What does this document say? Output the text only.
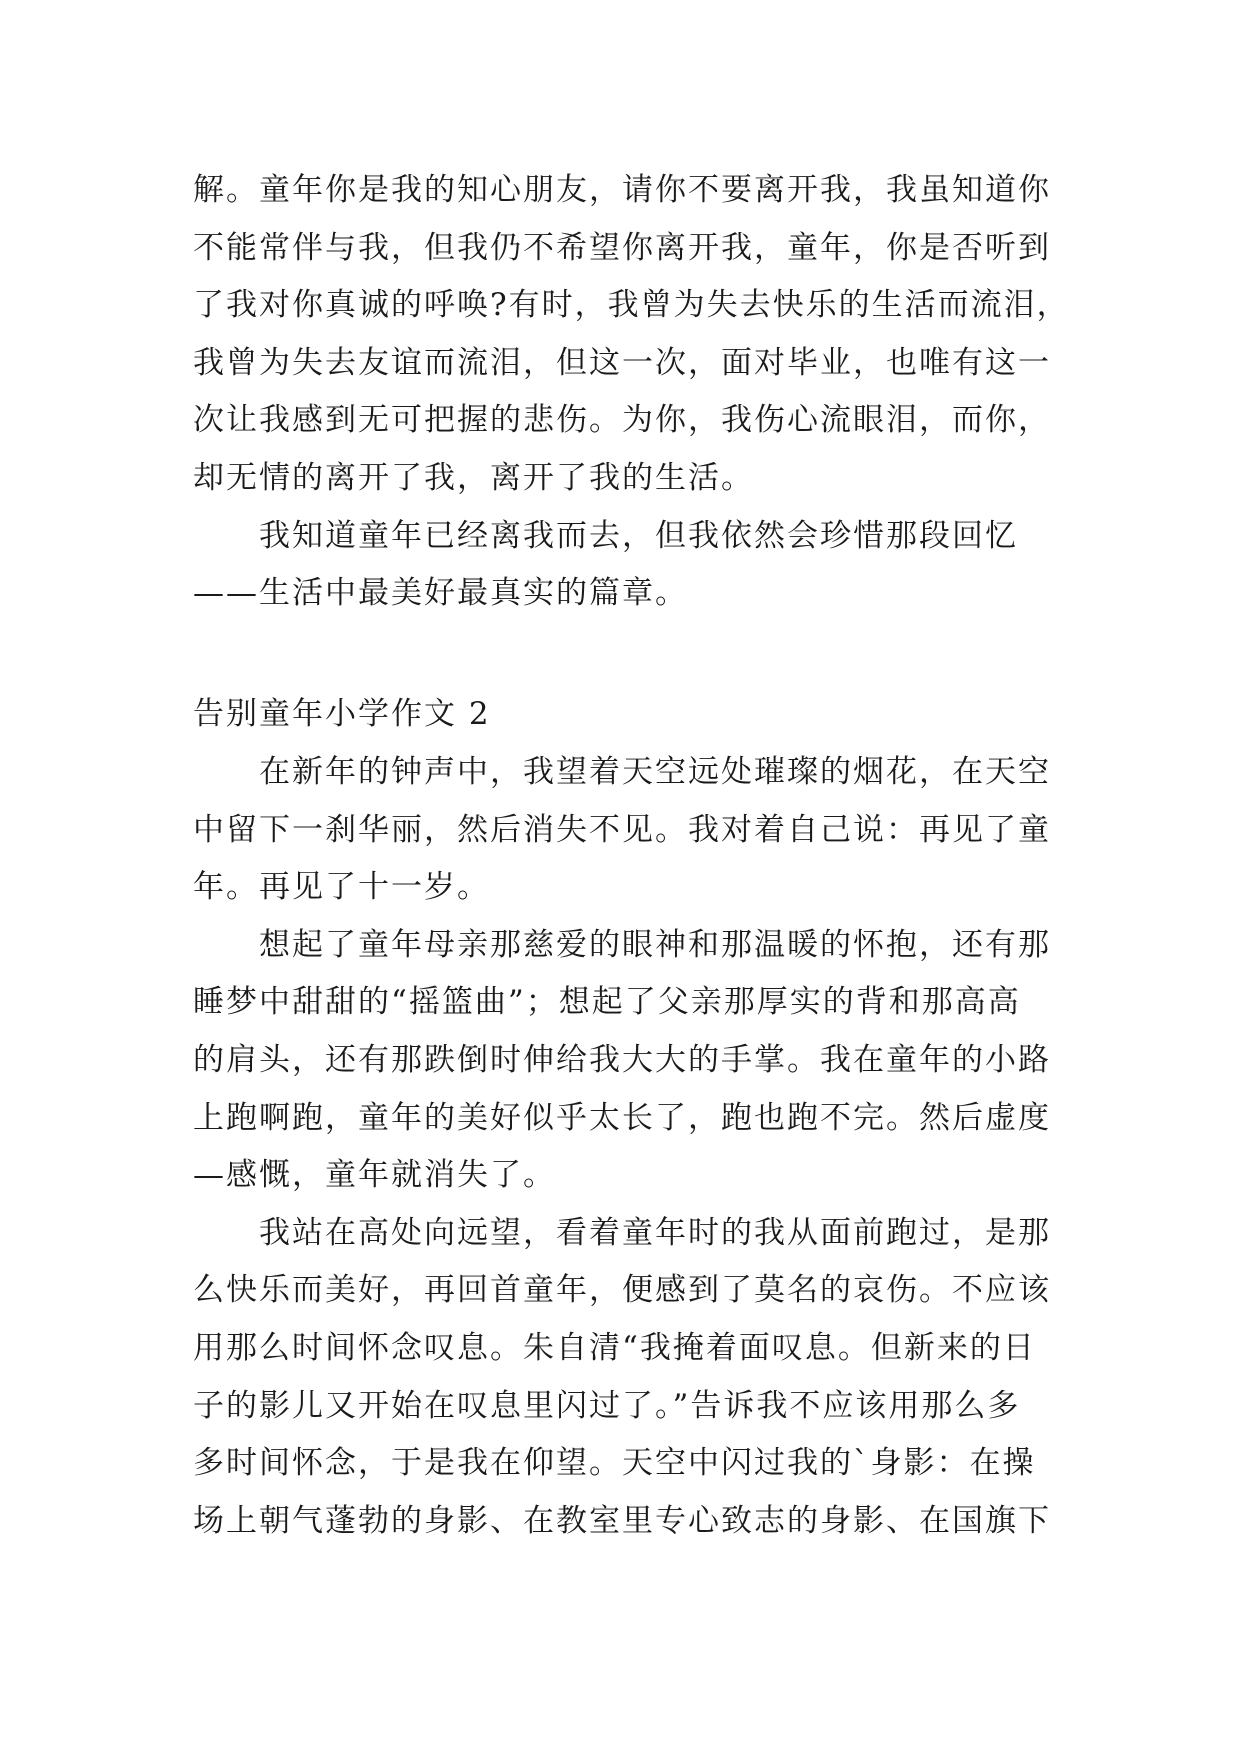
解。童年你是我的知心朋友，请你不要离开我，我虽知道你
不能常伴与我，但我仍不希望你离开我，童年，你是否听到
了我对你真诚的呼唤?有时，我曾为失去快乐的生活而流泪，
我曾为失去友谊而流泪，但这一次，面对毕业，也唯有这一
次让我感到无可把握的悲伤。为你，我伤心流眼泪，而你，
却无情的离开了我，离开了我的生活。
我知道童年已经离我而去，但我依然会珍惜那段回忆
——生活中最美好最真实的篇章。
告别童年小学作文 2
在新年的钟声中，我望着天空远处璀璨的烟花，在天空
中留下一刹华丽，然后消失不见。我对着自己说：再见了童
年。再见了十一岁。
想起了童年母亲那慈爱的眼神和那温暖的怀抱，还有那
睡梦中甜甜的“摇篮曲”；想起了父亲那厚实的背和那高高
的肩头，还有那跌倒时伸给我大大的手掌。我在童年的小路
上跑啊跑，童年的美好似乎太长了，跑也跑不完。然后虚度
—感慨，童年就消失了。
我站在高处向远望，看着童年时的我从面前跑过，是那
么快乐而美好，再回首童年，便感到了莫名的哀伤。不应该
用那么时间怀念叹息。朱自清“我掩着面叹息。但新来的日
子的影儿又开始在叹息里闪过了。”告诉我不应该用那么多
多时间怀念，于是我在仰望。天空中闪过我的`身影：在操
场上朝气蓬勃的身影、在教室里专心致志的身影、在国旗下
